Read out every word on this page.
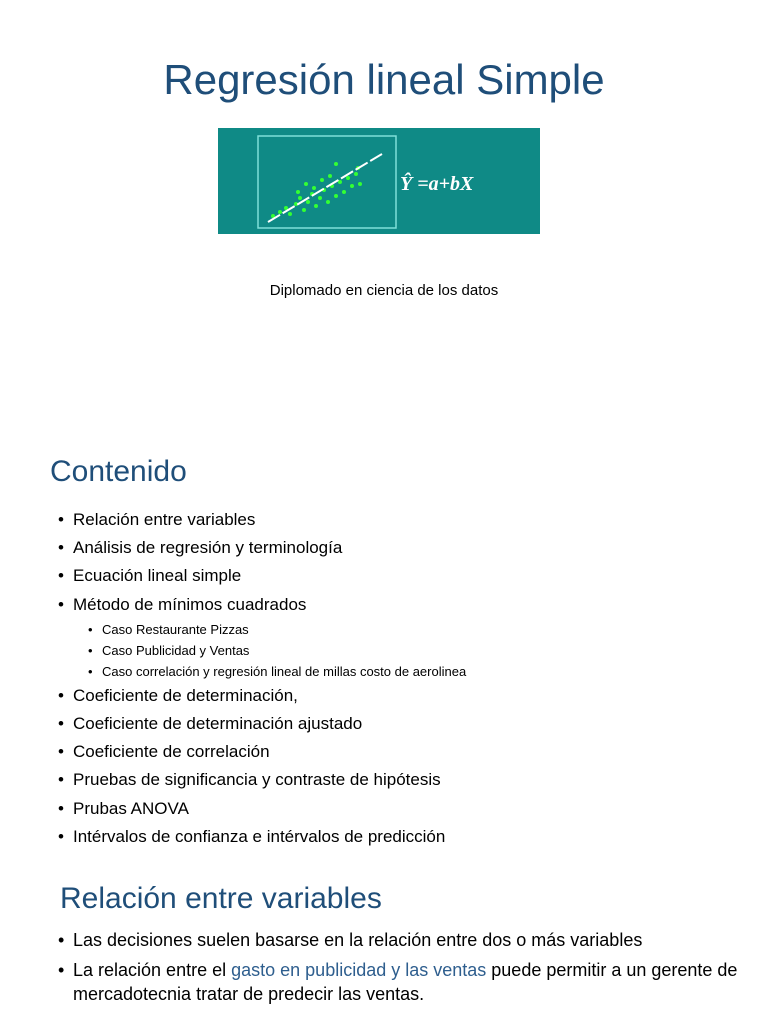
Regresión lineal Simple
Ŷ =a+bX
Diplomado en ciencia de los datos
Contenido
• Relación entre variables
• Análisis de regresión y terminología
• Ecuación lineal simple
• Método de mínimos cuadrados
• Caso Restaurante Pizzas
• Caso Publicidad y Ventas
• Caso correlación y regresión lineal de millas costo de aerolinea
• Coeficiente de determinación,
• Coeficiente de determinación ajustado
• Coeficiente de correlación
• Pruebas de significancia y contraste de hipótesis
• Prubas ANOVA
• Intérvalos de confianza e intérvalos de predicción
Relación entre variables
• Las decisiones suelen basarse en la relación entre dos o más variables
• La relación entre el gasto en publicidad y las ventas puede permitir a un gerente de mercadotecnia tratar de predecir las ventas.
